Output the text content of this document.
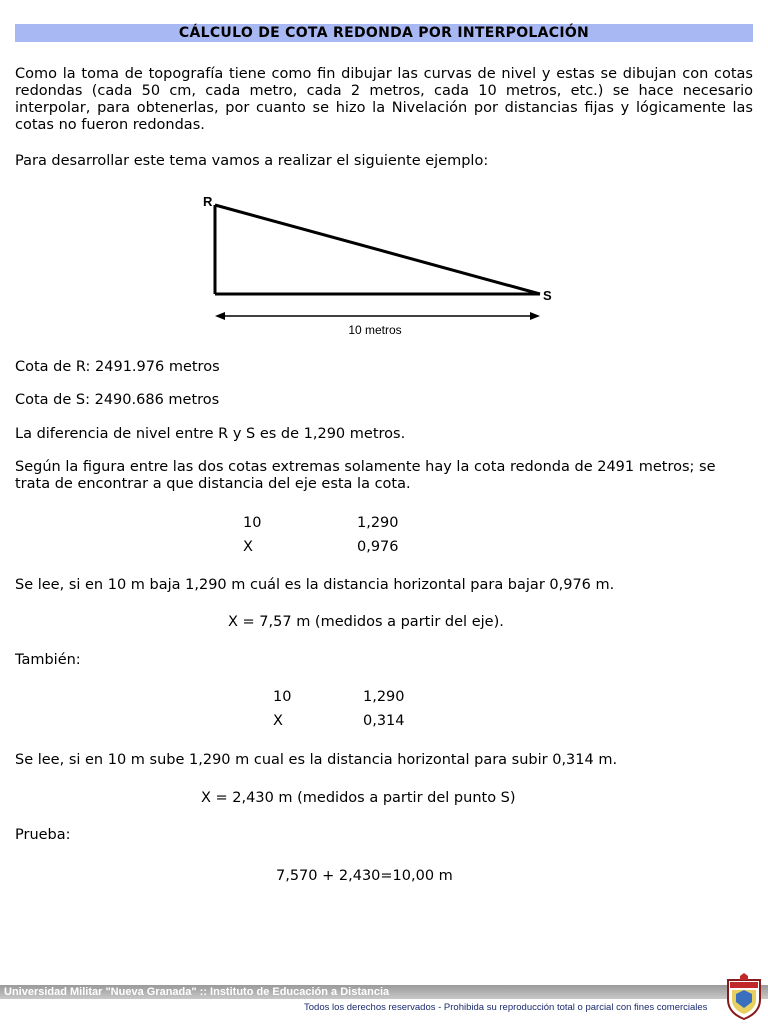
CÁLCULO DE COTA REDONDA POR INTERPOLACIÓN

Como la toma de topografía tiene como fin dibujar las curvas de nivel y estas se dibujan con cotas redondas (cada 50 cm, cada metro, cada 2 metros, cada 10 metros, etc.) se hace necesario interpolar, para obtenerlas, por cuanto se hizo la Nivelación por distancias fijas y lógicamente las cotas no fueron redondas.

Para desarrollar este tema vamos a realizar el siguiente ejemplo:

R
S
10 metros

Cota de R: 2491.976 metros

Cota de S: 2490.686 metros

La diferencia de nivel entre R y S es de 1,290 metros.

Según la figura entre las dos cotas extremas solamente hay la cota redonda de 2491 metros; se trata de encontrar a que distancia del eje esta la cota.

10	1,290
X	0,976

Se lee, si en 10 m baja 1,290 m cuál es la distancia horizontal para bajar 0,976 m.

X = 7,57 m (medidos a partir del eje).

También:

10	1,290
X	0,314

Se lee, si en 10 m sube 1,290 m cual es la distancia horizontal para subir 0,314 m.

X = 2,430 m (medidos a partir del punto S)

Prueba:

7,570 + 2,430=10,00 m
Universidad Militar "Nueva Granada" :: Instituto de Educación a Distancia
Todos los derechos reservados - Prohibida su reproducción total o parcial con fines comerciales
